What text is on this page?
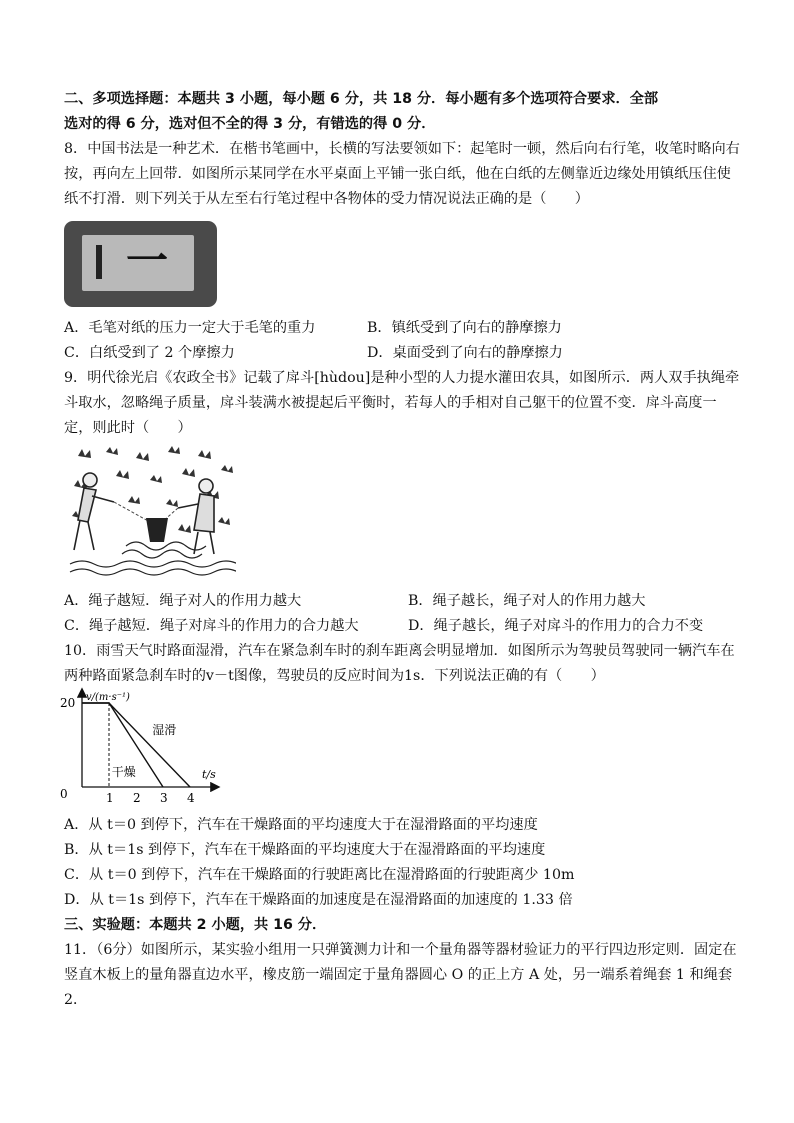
二、多项选择题：本题共 3 小题，每小题 6 分，共 18 分．每小题有多个选项符合要求．全部
选对的得 6 分，选对但不全的得 3 分，有错选的得 0 分．
8．中国书法是一种艺术．在楷书笔画中，长横的写法要领如下：起笔时一顿，然后向右行笔，收笔时略向右
按，再向左上回带．如图所示某同学在水平桌面上平铺一张白纸，他在白纸的左侧靠近边缘处用镇纸压住使
纸不打滑．则下列关于从左至右行笔过程中各物体的受力情况说法正确的是（　　）
一
A．毛笔对纸的压力一定大于毛笔的重力	B．镇纸受到了向右的静摩擦力
C．白纸受到了 2 个摩擦力	D．桌面受到了向右的静摩擦力
9．明代徐光启《农政全书》记载了戽斗[hùdou]是种小型的人力提水灌田农具，如图所示．两人双手执绳牵
斗取水，忽略绳子质量，戽斗装满水被提起后平衡时，若每人的手相对自己躯干的位置不变．戽斗高度一
定，则此时（　　）
A．绳子越短．绳子对人的作用力越大	B．绳子越长，绳子对人的作用力越大
C．绳子越短．绳子对戽斗的作用力的合力越大	D．绳子越长，绳子对戽斗的作用力的合力不变
10．雨雪天气时路面湿滑，汽车在紧急刹车时的刹车距离会明显增加．如图所示为驾驶员驾驶同一辆汽车在
两种路面紧急刹车时的v－t图像，驾驶员的反应时间为1s．下列说法正确的有（　　）
v/(m·s⁻¹)
t/s
0	1 2 3 4
20
干燥
湿滑
A．从 t＝0 到停下，汽车在干燥路面的平均速度大于在湿滑路面的平均速度
B．从 t＝1s 到停下，汽车在干燥路面的平均速度大于在湿滑路面的平均速度
C．从 t＝0 到停下，汽车在干燥路面的行驶距离比在湿滑路面的行驶距离少 10m
D．从 t＝1s 到停下，汽车在干燥路面的加速度是在湿滑路面的加速度的 1.33 倍
三、实验题：本题共 2 小题，共 16 分．
11．（6分）如图所示，某实验小组用一只弹簧测力计和一个量角器等器材验证力的平行四边形定则．固定在
竖直木板上的量角器直边水平，橡皮筋一端固定于量角器圆心 O 的正上方 A 处，另一端系着绳套 1 和绳套
2．
